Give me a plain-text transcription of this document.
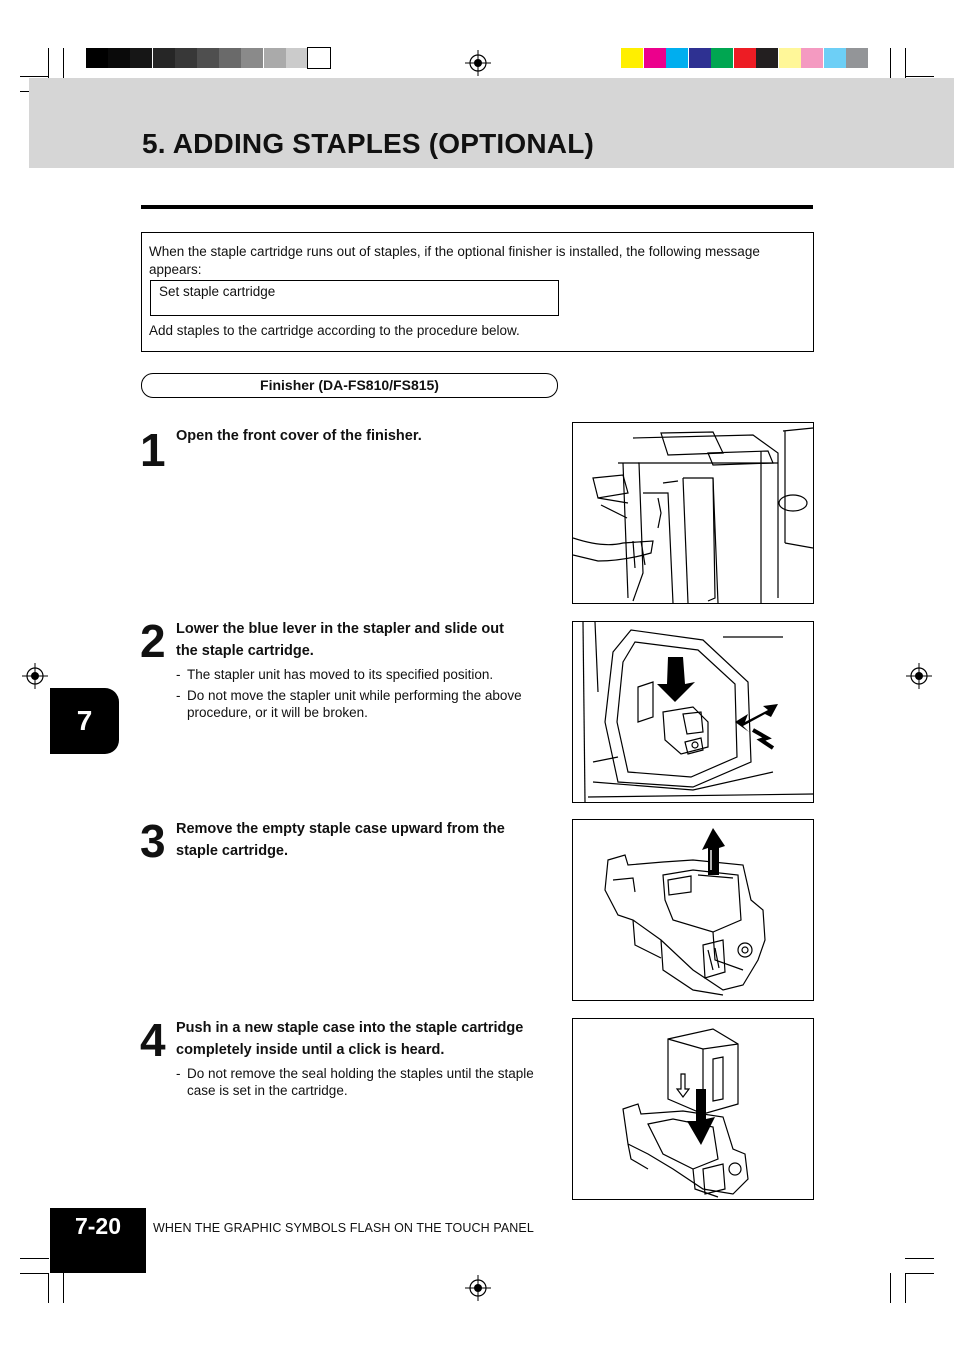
5. ADDING STAPLES (OPTIONAL)
When the staple cartridge runs out of staples, if the optional finisher is installed, the following message
appears:
Set staple cartridge
Add staples to the cartridge according to the procedure below.
Finisher (DA-FS810/FS815)
1 Open the front cover of the finisher.
2 Lower the blue lever in the stapler and slide out
the staple cartridge.
- The stapler unit has moved to its specified position.
- Do not move the stapler unit while performing the above
procedure, or it will be broken.
3 Remove the empty staple case upward from the
staple cartridge.
4 Push in a new staple case into the staple cartridge
completely inside until a click is heard.
- Do not remove the seal holding the staples until the staple
case is set in the cartridge.
7
7-20	WHEN THE GRAPHIC SYMBOLS FLASH ON THE TOUCH PANEL
